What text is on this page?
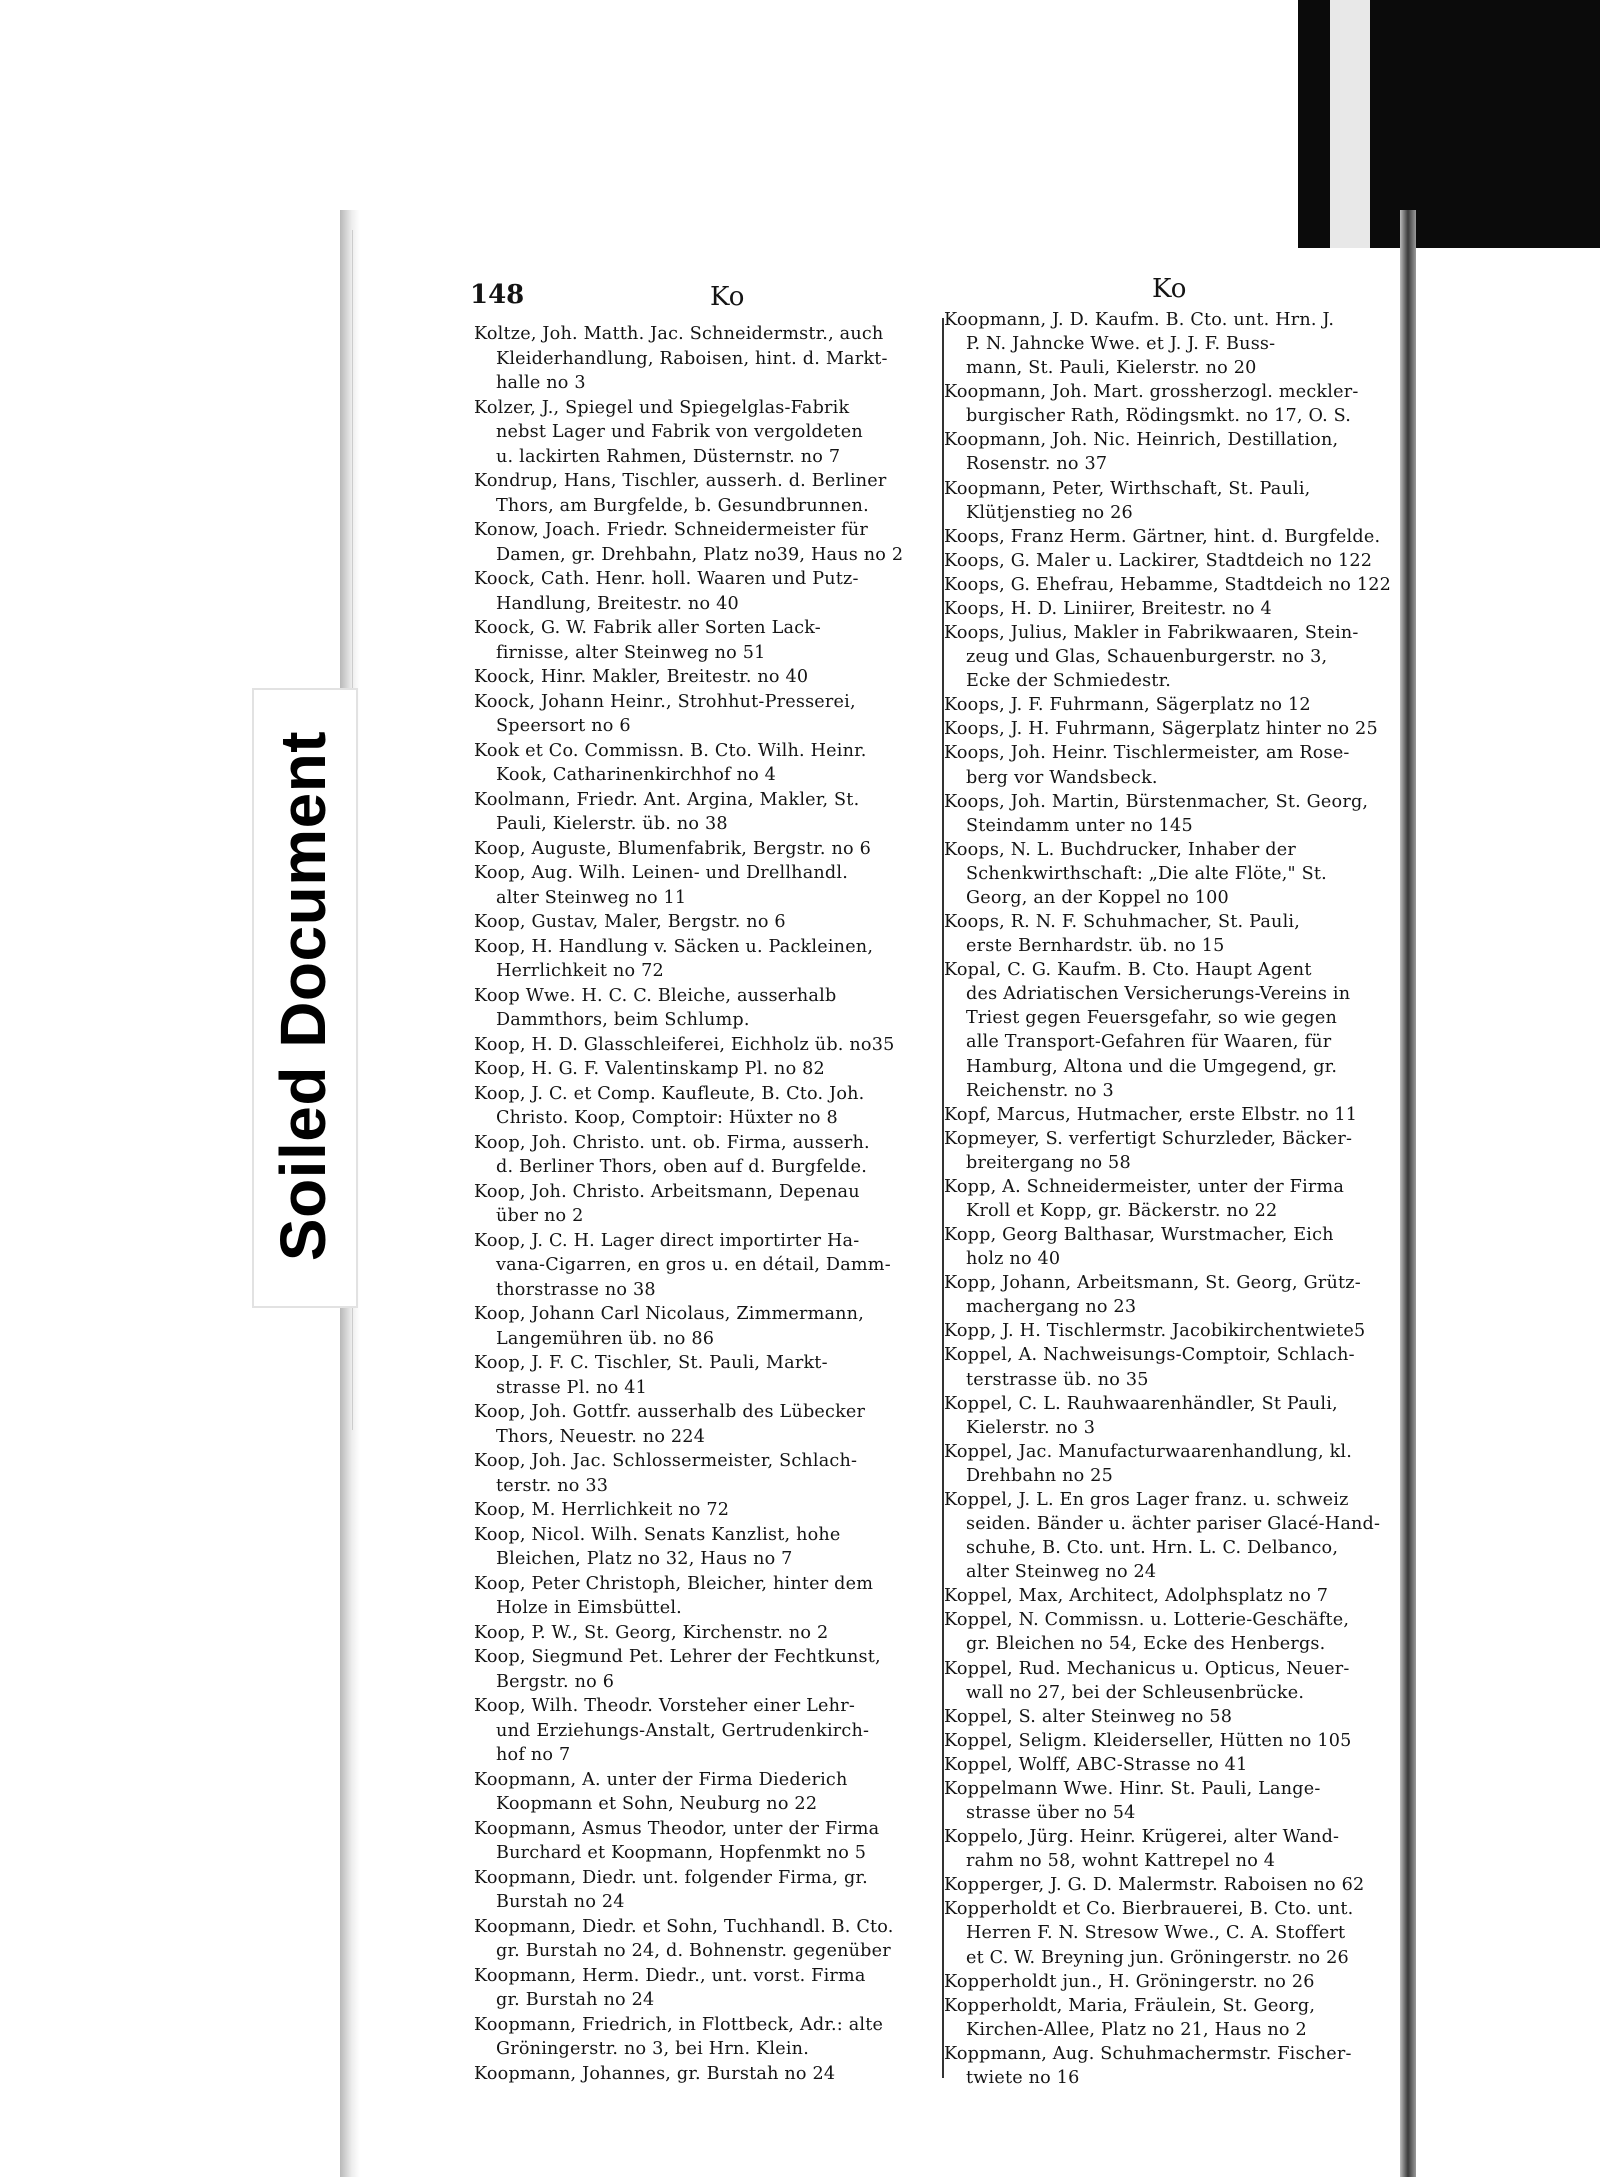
148	Ko	Ko
Koltze, Joh. Matth. Jac. Schneidermstr., auch
Kleiderhandlung, Raboisen, hint. d. Markt-
halle no 3
Kolzer, J., Spiegel und Spiegelglas-Fabrik
nebst Lager und Fabrik von vergoldeten
u. lackirten Rahmen, Düsternstr. no 7
Kondrup, Hans, Tischler, ausserh. d. Berliner
Thors, am Burgfelde, b. Gesundbrunnen.
Konow, Joach. Friedr. Schneidermeister für
Damen, gr. Drehbahn, Platz no39, Haus no 2
Koock, Cath. Henr. holl. Waaren und Putz-
Handlung, Breitestr. no 40
Koock, G. W. Fabrik aller Sorten Lack-
firnisse, alter Steinweg no 51
Koock, Hinr. Makler, Breitestr. no 40
Koock, Johann Heinr., Strohhut-Presserei,
Speersort no 6
Kook et Co. Commissn. B. Cto. Wilh. Heinr.
Kook, Catharinenkirchhof no 4
Koolmann, Friedr. Ant. Argina, Makler, St.
Pauli, Kielerstr. üb. no 38
Koop, Auguste, Blumenfabrik, Bergstr. no 6
Koop, Aug. Wilh. Leinen- und Drellhandl.
alter Steinweg no 11
Koop, Gustav, Maler, Bergstr. no 6
Koop, H. Handlung v. Säcken u. Packleinen,
Herrlichkeit no 72
Koop Wwe. H. C. C. Bleiche, ausserhalb
Dammthors, beim Schlump.
Koop, H. D. Glasschleiferei, Eichholz üb. no35
Koop, H. G. F. Valentinskamp Pl. no 82
Koop, J. C. et Comp. Kaufleute, B. Cto. Joh.
Christo. Koop, Comptoir: Hüxter no 8
Koop, Joh. Christo. unt. ob. Firma, ausserh.
d. Berliner Thors, oben auf d. Burgfelde.
Koop, Joh. Christo. Arbeitsmann, Depenau
über no 2
Koop, J. C. H. Lager direct importirter Ha-
vana-Cigarren, en gros u. en détail, Damm-
thorstrasse no 38
Koop, Johann Carl Nicolaus, Zimmermann,
Langemühren üb. no 86
Koop, J. F. C. Tischler, St. Pauli, Markt-
strasse Pl. no 41
Koop, Joh. Gottfr. ausserhalb des Lübecker
Thors, Neuestr. no 224
Koop, Joh. Jac. Schlossermeister, Schlach-
terstr. no 33
Koop, M. Herrlichkeit no 72
Koop, Nicol. Wilh. Senats Kanzlist, hohe
Bleichen, Platz no 32, Haus no 7
Koop, Peter Christoph, Bleicher, hinter dem
Holze in Eimsbüttel.
Koop, P. W., St. Georg, Kirchenstr. no 2
Koop, Siegmund Pet. Lehrer der Fechtkunst,
Bergstr. no 6
Koop, Wilh. Theodr. Vorsteher einer Lehr-
und Erziehungs-Anstalt, Gertrudenkirch-
hof no 7
Koopmann, A. unter der Firma Diederich
Koopmann et Sohn, Neuburg no 22
Koopmann, Asmus Theodor, unter der Firma
Burchard et Koopmann, Hopfenmkt no 5
Koopmann, Diedr. unt. folgender Firma, gr.
Burstah no 24
Koopmann, Diedr. et Sohn, Tuchhandl. B. Cto.
gr. Burstah no 24, d. Bohnenstr. gegenüber
Koopmann, Herm. Diedr., unt. vorst. Firma
gr. Burstah no 24
Koopmann, Friedrich, in Flottbeck, Adr.: alte
Gröningerstr. no 3, bei Hrn. Klein.
Koopmann, Johannes, gr. Burstah no 24
Koopmann, J. D. Kaufm. B. Cto. unt. Hrn. J.
P. N. Jahncke Wwe. et J. J. F. Buss-
mann, St. Pauli, Kielerstr. no 20
Koopmann, Joh. Mart. grossherzogl. meckler-
burgischer Rath, Rödingsmkt. no 17, O. S.
Koopmann, Joh. Nic. Heinrich, Destillation,
Rosenstr. no 37
Koopmann, Peter, Wirthschaft, St. Pauli,
Klütjenstieg no 26
Koops, Franz Herm. Gärtner, hint. d. Burgfelde.
Koops, G. Maler u. Lackirer, Stadtdeich no 122
Koops, G. Ehefrau, Hebamme, Stadtdeich no 122
Koops, H. D. Liniirer, Breitestr. no 4
Koops, Julius, Makler in Fabrikwaaren, Stein-
zeug und Glas, Schauenburgerstr. no 3,
Ecke der Schmiedestr.
Koops, J. F. Fuhrmann, Sägerplatz no 12
Koops, J. H. Fuhrmann, Sägerplatz hinter no 25
Koops, Joh. Heinr. Tischlermeister, am Rose-
berg vor Wandsbeck.
Koops, Joh. Martin, Bürstenmacher, St. Georg,
Steindamm unter no 145
Koops, N. L. Buchdrucker, Inhaber der
Schenkwirthschaft: „Die alte Flöte," St.
Georg, an der Koppel no 100
Koops, R. N. F. Schuhmacher, St. Pauli,
erste Bernhardstr. üb. no 15
Kopal, C. G. Kaufm. B. Cto. Haupt Agent
des Adriatischen Versicherungs-Vereins in
Triest gegen Feuersgefahr, so wie gegen
alle Transport-Gefahren für Waaren, für
Hamburg, Altona und die Umgegend, gr.
Reichenstr. no 3
Kopf, Marcus, Hutmacher, erste Elbstr. no 11
Kopmeyer, S. verfertigt Schurzleder, Bäcker-
breitergang no 58
Kopp, A. Schneidermeister, unter der Firma
Kroll et Kopp, gr. Bäckerstr. no 22
Kopp, Georg Balthasar, Wurstmacher, Eich
holz no 40
Kopp, Johann, Arbeitsmann, St. Georg, Grütz-
machergang no 23
Kopp, J. H. Tischlermstr. Jacobikirchentwiete5
Koppel, A. Nachweisungs-Comptoir, Schlach-
terstrasse üb. no 35
Koppel, C. L. Rauhwaarenhändler, St Pauli,
Kielerstr. no 3
Koppel, Jac. Manufacturwaarenhandlung, kl.
Drehbahn no 25
Koppel, J. L. En gros Lager franz. u. schweiz
seiden. Bänder u. ächter pariser Glacé-Hand-
schuhe, B. Cto. unt. Hrn. L. C. Delbanco,
alter Steinweg no 24
Koppel, Max, Architect, Adolphsplatz no 7
Koppel, N. Commissn. u. Lotterie-Geschäfte,
gr. Bleichen no 54, Ecke des Henbergs.
Koppel, Rud. Mechanicus u. Opticus, Neuer-
wall no 27, bei der Schleusenbrücke.
Koppel, S. alter Steinweg no 58
Koppel, Seligm. Kleiderseller, Hütten no 105
Koppel, Wolff, ABC-Strasse no 41
Koppelmann Wwe. Hinr. St. Pauli, Lange-
strasse über no 54
Koppelo, Jürg. Heinr. Krügerei, alter Wand-
rahm no 58, wohnt Kattrepel no 4
Kopperger, J. G. D. Malermstr. Raboisen no 62
Kopperholdt et Co. Bierbrauerei, B. Cto. unt.
Herren F. N. Stresow Wwe., C. A. Stoffert
et C. W. Breyning jun. Gröningerstr. no 26
Kopperholdt jun., H. Gröningerstr. no 26
Kopperholdt, Maria, Fräulein, St. Georg,
Kirchen-Allee, Platz no 21, Haus no 2
Koppmann, Aug. Schuhmachermstr. Fischer-
twiete no 16
Soiled Document
